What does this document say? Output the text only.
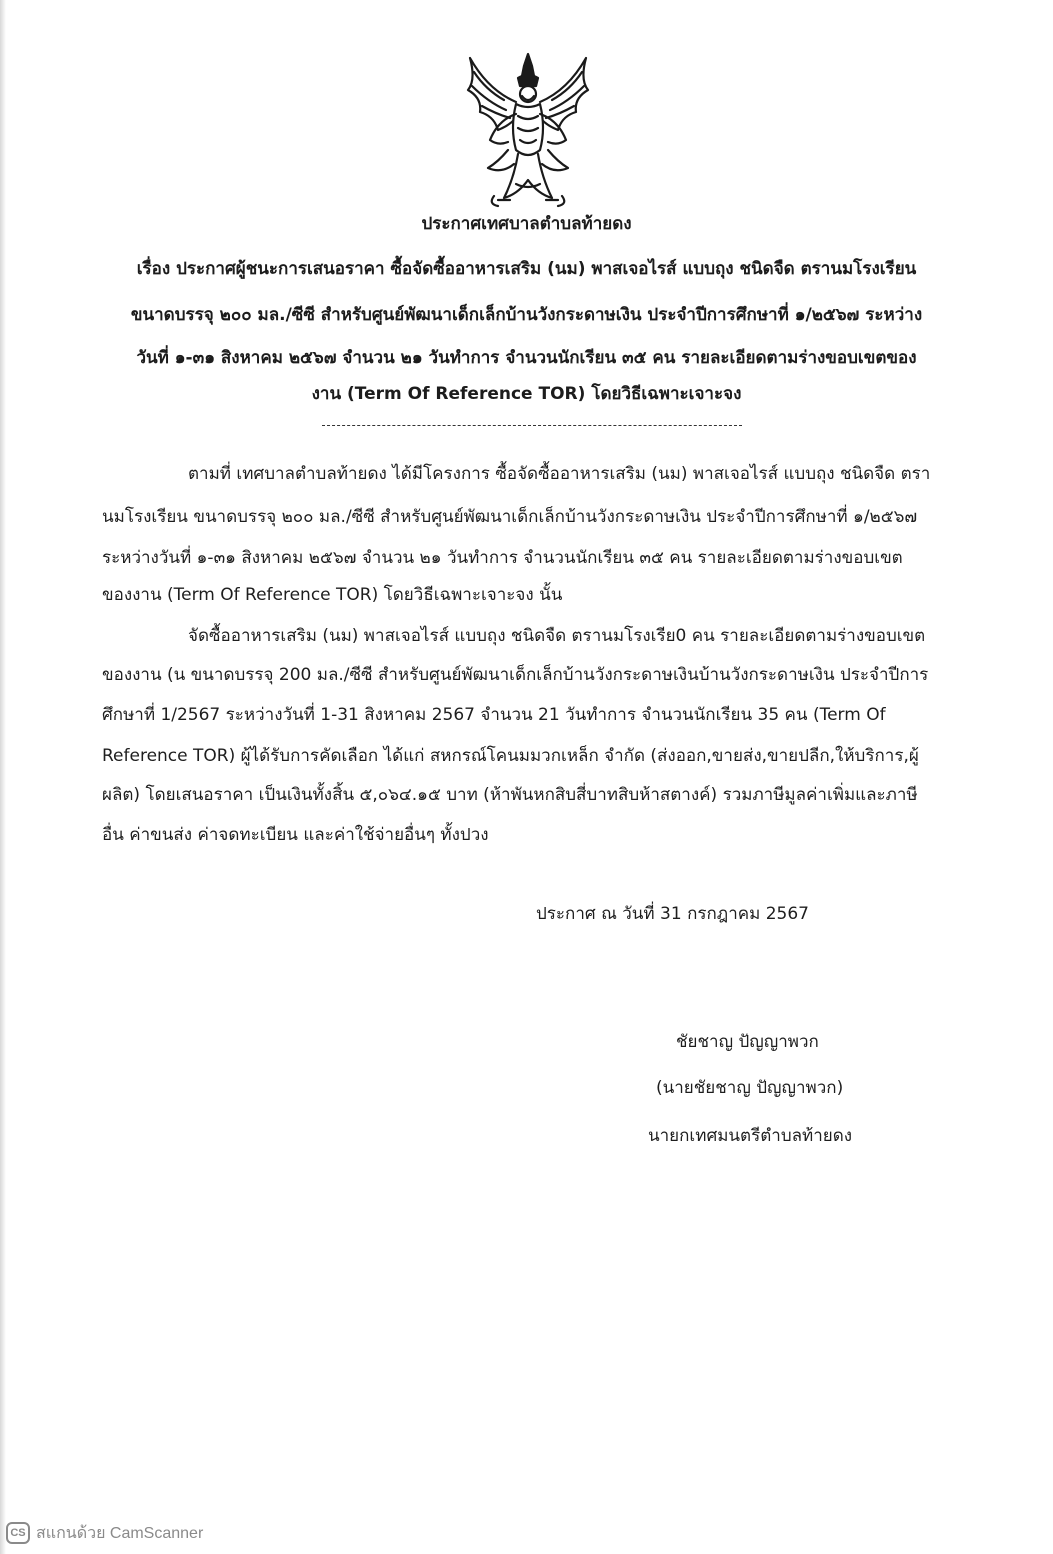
ประกาศเทศบาลตำบลท้ายดง
เรื่อง ประกาศผู้ชนะการเสนอราคา ซื้อจัดซื้ออาหารเสริม (นม) พาสเจอไรส์ แบบถุง ชนิดจืด ตรานมโรงเรียน
ขนาดบรรจุ ๒๐๐ มล./ซีซี สำหรับศูนย์พัฒนาเด็กเล็กบ้านวังกระดาษเงิน ประจำปีการศึกษาที่ ๑/๒๕๖๗ ระหว่าง
วันที่ ๑-๓๑ สิงหาคม ๒๕๖๗ จำนวน ๒๑ วันทำการ จำนวนนักเรียน ๓๕ คน รายละเอียดตามร่างขอบเขตของ
งาน (Term Of Reference TOR) โดยวิธีเฉพาะเจาะจง
ตามที่ เทศบาลตำบลท้ายดง ได้มีโครงการ ซื้อจัดซื้ออาหารเสริม (นม) พาสเจอไรส์ แบบถุง ชนิดจืด ตรา
นมโรงเรียน ขนาดบรรจุ ๒๐๐ มล./ซีซี สำหรับศูนย์พัฒนาเด็กเล็กบ้านวังกระดาษเงิน ประจำปีการศึกษาที่ ๑/๒๕๖๗
ระหว่างวันที่ ๑-๓๑ สิงหาคม ๒๕๖๗ จำนวน ๒๑ วันทำการ จำนวนนักเรียน ๓๕ คน รายละเอียดตามร่างขอบเขต
ของงาน (Term Of Reference TOR) โดยวิธีเฉพาะเจาะจง นั้น
จัดซื้ออาหารเสริม (นม) พาสเจอไรส์ แบบถุง ชนิดจืด ตรานมโรงเรีย0 คน รายละเอียดตามร่างขอบเขต
ของงาน (น ขนาดบรรจุ 200 มล./ซีซี สำหรับศูนย์พัฒนาเด็กเล็กบ้านวังกระดาษเงินบ้านวังกระดาษเงิน ประจำปีการ
ศึกษาที่ 1/2567 ระหว่างวันที่ 1-31 สิงหาคม 2567 จำนวน 21 วันทำการ จำนวนนักเรียน 35 คน (Term Of
Reference TOR) ผู้ได้รับการคัดเลือก ได้แก่ สหกรณ์โคนมมวกเหล็ก จำกัด (ส่งออก,ขายส่ง,ขายปลีก,ให้บริการ,ผู้
ผลิต) โดยเสนอราคา เป็นเงินทั้งสิ้น ๕,๐๖๔.๑๕ บาท (ห้าพันหกสิบสี่บาทสิบห้าสตางค์) รวมภาษีมูลค่าเพิ่มและภาษี
อื่น ค่าขนส่ง ค่าจดทะเบียน และค่าใช้จ่ายอื่นๆ ทั้งปวง
ประกาศ ณ วันที่ 31 กรกฎาคม 2567
ชัยชาญ ปัญญาพวก
(นายชัยชาญ ปัญญาพวก)
นายกเทศมนตรีตำบลท้ายดง
CS สแกนด้วย CamScanner
